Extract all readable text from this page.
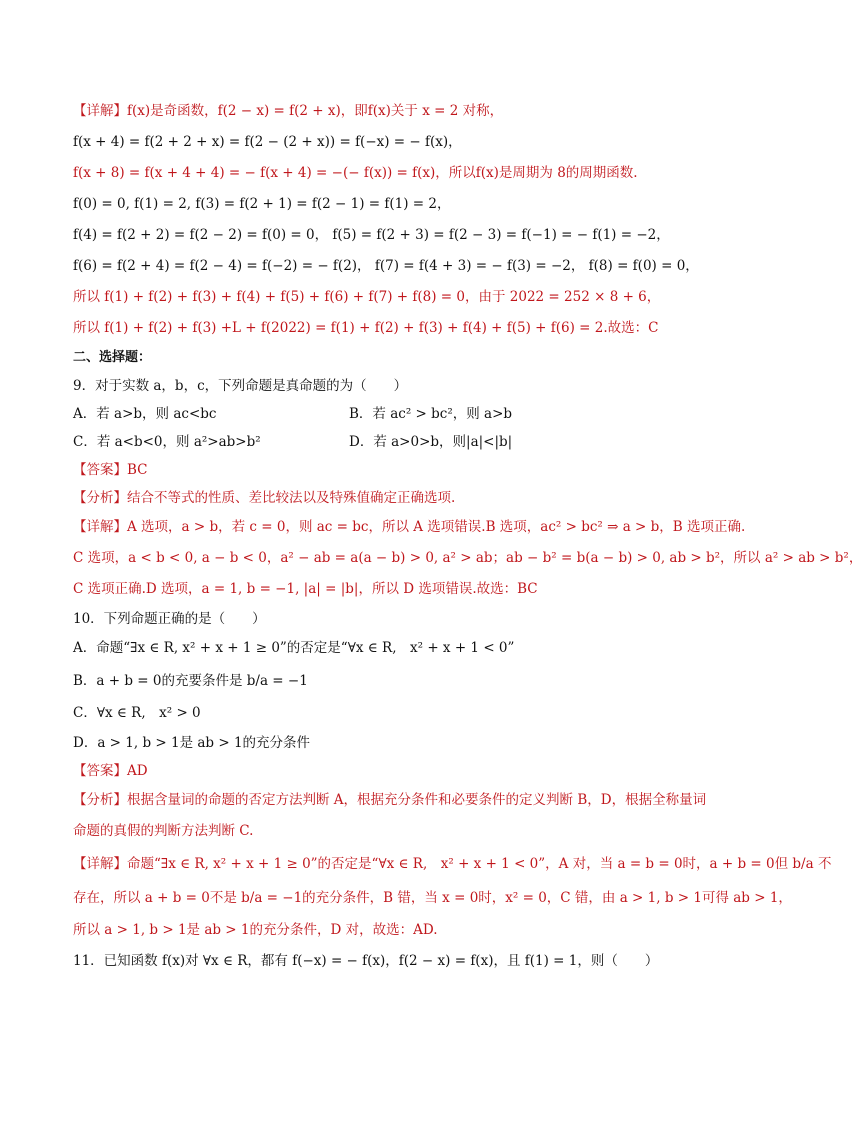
【详解】f(x)是奇函数，f(2 − x) = f(2 + x)，即f(x)关于 x = 2 对称，
f(x + 4) = f(2 + 2 + x) = f(2 − (2 + x)) = f(−x) = − f(x)，
f(x + 8) = f(x + 4 + 4) = − f(x + 4) = −(− f(x)) = f(x)，所以f(x)是周期为 8的周期函数.
f(0) = 0, f(1) = 2, f(3) = f(2 + 1) = f(2 − 1) = f(1) = 2，
f(4) = f(2 + 2) = f(2 − 2) = f(0) = 0， f(5) = f(2 + 3) = f(2 − 3) = f(−1) = − f(1) = −2，
f(6) = f(2 + 4) = f(2 − 4) = f(−2) = − f(2)， f(7) = f(4 + 3) = − f(3) = −2， f(8) = f(0) = 0，
所以 f(1) + f(2) + f(3) + f(4) + f(5) + f(6) + f(7) + f(8) = 0，由于 2022 = 252 × 8 + 6，
所以 f(1) + f(2) + f(3) +L + f(2022) = f(1) + f(2) + f(3) + f(4) + f(5) + f(6) = 2.故选：C
二、选择题：
9．对于实数 a，b，c，下列命题是真命题的为（　　）
A．若 a>b，则 ac<bc	B．若 ac² > bc²，则 a>b
C．若 a<b<0，则 a²>ab>b²	D．若 a>0>b，则|a|<|b|
【答案】BC
【分析】结合不等式的性质、差比较法以及特殊值确定正确选项.
【详解】A 选项，a > b，若 c = 0，则 ac = bc，所以 A 选项错误.B 选项，ac² > bc² ⇒ a > b，B 选项正确.
C 选项，a < b < 0, a − b < 0，a² − ab = a(a − b) > 0, a² > ab；ab − b² = b(a − b) > 0, ab > b²，所以 a² > ab > b²，
C 选项正确.D 选项，a = 1, b = −1, |a| = |b|，所以 D 选项错误.故选：BC
10．下列命题正确的是（　　）
A．命题“∃x ∈ R, x² + x + 1 ≥ 0”的否定是“∀x ∈ R,　x² + x + 1 < 0”
B．a + b = 0的充要条件是 b/a = −1
C．∀x ∈ R,　x² > 0
D．a > 1, b > 1是 ab > 1的充分条件
【答案】AD
【分析】根据含量词的命题的否定方法判断 A，根据充分条件和必要条件的定义判断 B，D，根据全称量词
命题的真假的判断方法判断 C.
【详解】命题“∃x ∈ R, x² + x + 1 ≥ 0”的否定是“∀x ∈ R,　x² + x + 1 < 0”，A 对，当 a = b = 0时，a + b = 0但 b/a 不
存在，所以 a + b = 0不是 b/a = −1的充分条件，B 错，当 x = 0时，x² = 0，C 错，由 a > 1, b > 1可得 ab > 1，
所以 a > 1, b > 1是 ab > 1的充分条件，D 对，故选：AD.
11．已知函数 f(x)对 ∀x ∈ R，都有 f(−x) = − f(x)，f(2 − x) = f(x)，且 f(1) = 1，则（　　）
